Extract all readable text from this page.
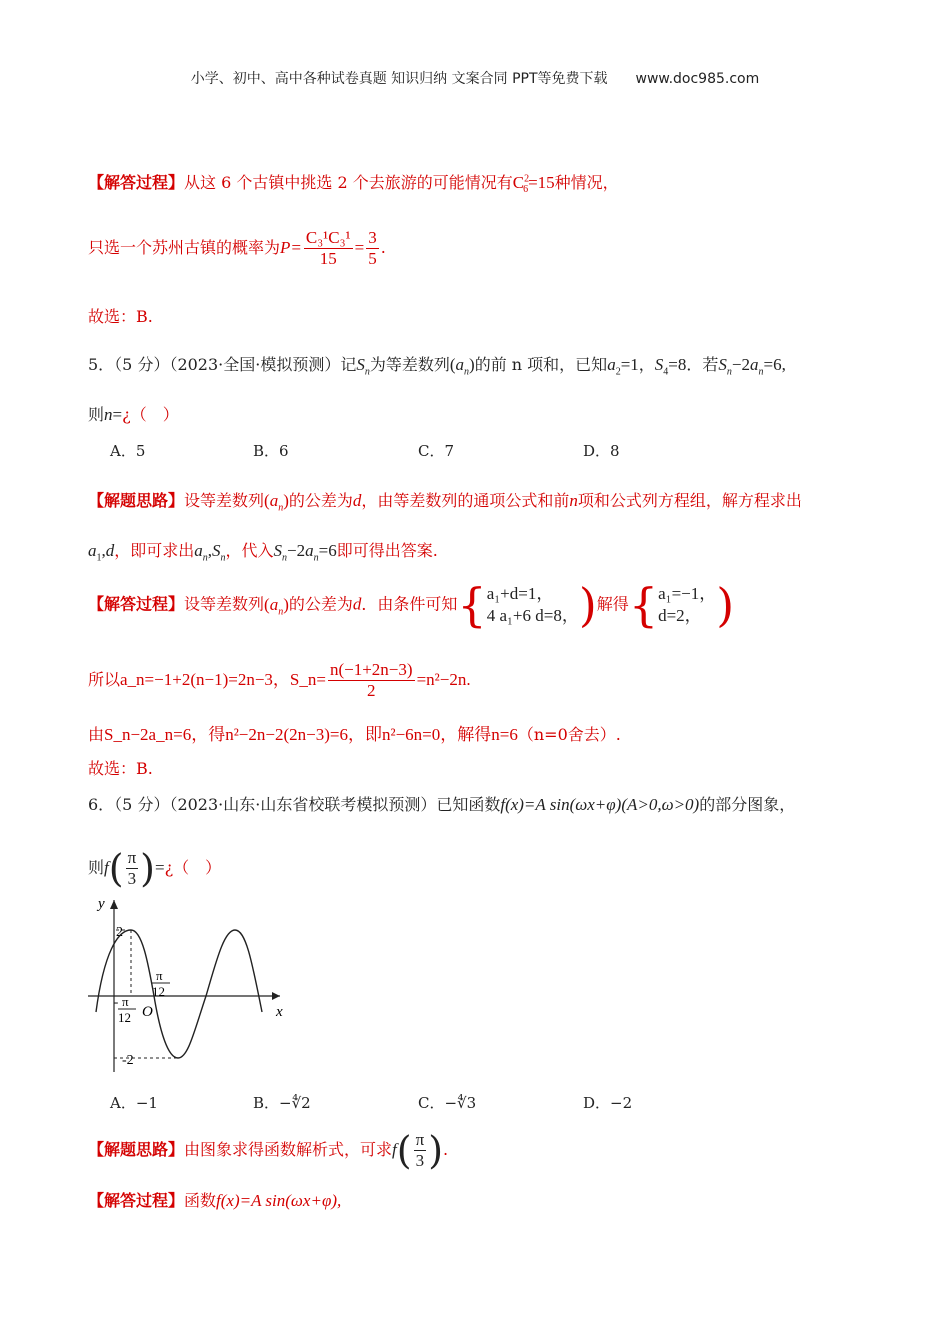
小学、初中、高中各种试卷真题 知识归纳 文案合同 PPT等免费下载 www.doc985.com
【解答过程】从这 6 个古镇中挑选 2 个去旅游的可能情况有$C^2_6=15$种情况，
只选一个苏州古镇的概率为$P= \frac{\text{C₃¹C₃¹}}{15} = \frac{3}{5}$ .
故选：B.
5．（5 分）（2023·全国·模拟预测）记$S_n$为等差数列$(a_n)$的前 n 项和，已知$a_2=1$，$S_4=8$．若$S_n-2a_n=6$,
则n=¿（　）
A．5	B．6	C．7	D．8
【解题思路】设等差数列$(a_n)$的公差为d，由等差数列的通项公式和前n项和公式列方程组，解方程求出
$a_1,d$，即可求出$a_n,S_n$，代入$S_n-2a_n=6$即可得出答案.
【解答过程】设等差数列$(a_n)$的公差为d．由条件可知{ a₁+d=1，
4 a₁+6 d=8， )解得{ a₁=−1，
d=2， )
所以a_n=−1+2(n−1)=2n−3，S_n= $\frac{n(-1+2n-3)}{2} =n^2-2n$.
由S_n−2a_n=6，得n²−2n−2(2n−3)=6，即n²−6n=0，解得n=6（n=0舍去）.
故选：B.
6．（5 分）（2023·山东·山东省校联考模拟预测）已知函数f(x)=A sin(ωx+φ)(A>0,ω>0)的部分图象，
则$f( \frac{\pi}{3}$ )=¿（　）
y
x
O
2
-2
π
12
- π
12
A．−1	B．−∜2	C．−∜3	D．−2
【解题思路】由图象求得函数解析式，可求$f( \frac{\pi}{3}$ ).
【解答过程】函数f(x)=A sin(ωx+φ),
